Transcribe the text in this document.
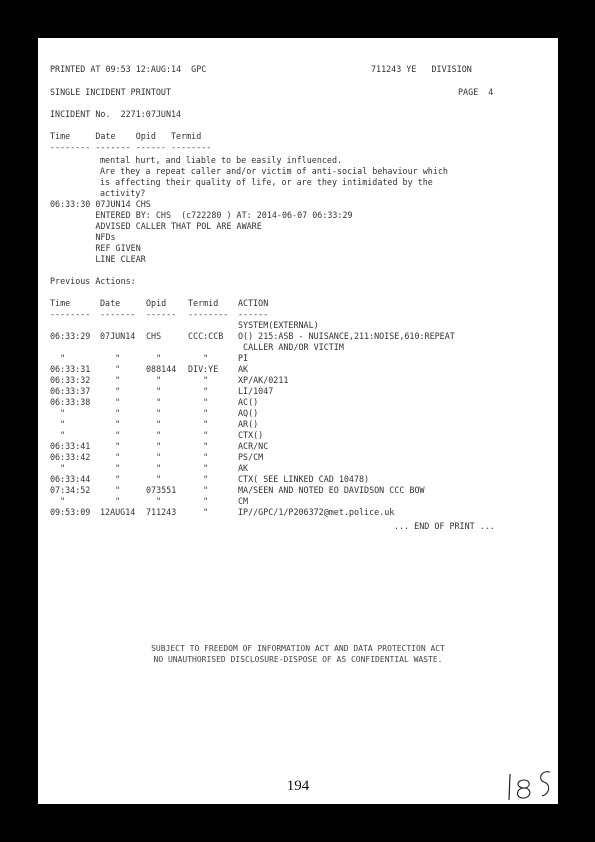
PRINTED AT 09:53 12:AUG:14  GPC	711243 YE   DIVISION
SINGLE INCIDENT PRINTOUT	PAGE  4
INCIDENT No.  2271:07JUN14
Time     Date    Opid   Termid
-------- ------- ------ --------
mental hurt, and liable to be easily influenced.
Are they a repeat caller and/or victim of anti-social behaviour which
is affecting their quality of life, or are they intimidated by the
activity?
06:33:30 07JUN14 CHS
ENTERED BY: CHS  (c722280 ) AT: 2014-06-07 06:33:29
ADVISED CALLER THAT POL ARE AWARE
NFDs
REF GIVEN
LINE CLEAR
Previous Actions:
Time	Date	Opid	Termid	ACTION
--------	-------	------	--------	------
				SYSTEM(EXTERNAL)
06:33:29	07JUN14	CHS	CCC:CCB	O() 215:ASB - NUISANCE,211:NOISE,610:REPEAT
				CALLER AND/OR VICTIM
"	"	"	"	PI
06:33:31	"	088144	DIV:YE	AK
06:33:32	"	"	"	XP/AK/0211
06:33:37	"	"	"	LI/1047
06:33:38	"	"	"	AC()
"	"	"	"	AQ()
"	"	"	"	AR()
"	"	"	"	CTX()
06:33:41	"	"	"	ACR/NC
06:33:42	"	"	"	PS/CM
"	"	"	"	AK
06:33:44	"	"	"	CTX( SEE LINKED CAD 10478)
07:34:52	"	073551	"	MA/SEEN AND NOTED EO DAVIDSON CCC BOW
"	"	"	"	CM
09:53:09	12AUG14	711243	"	IP//GPC/1/P206372@met.police.uk
... END OF PRINT ...
SUBJECT TO FREEDOM OF INFORMATION ACT AND DATA PROTECTION ACT
NO UNAUTHORISED DISCLOSURE-DISPOSE OF AS CONFIDENTIAL WASTE.
194
